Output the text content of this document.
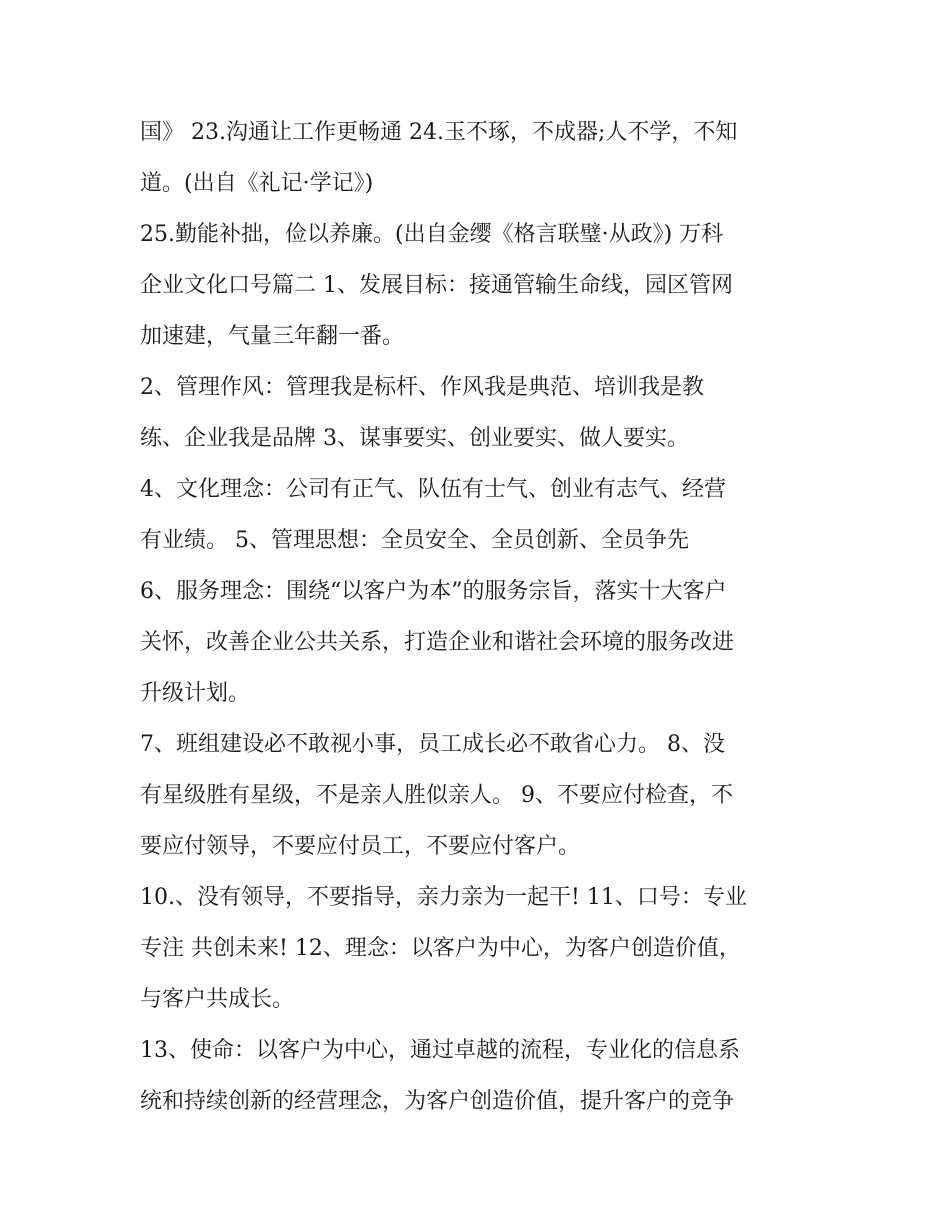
国》 23.沟通让工作更畅通 24.玉不琢，不成器;人不学，不知
道。(出自《礼记·学记》)
25.勤能补拙，俭以养廉。(出自金缨《格言联璧·从政》) 万科
企业文化口号篇二 1、发展目标：接通管输生命线，园区管网
加速建，气量三年翻一番。
2、管理作风：管理我是标杆、作风我是典范、培训我是教
练、企业我是品牌 3、谋事要实、创业要实、做人要实。
4、文化理念：公司有正气、队伍有士气、创业有志气、经营
有业绩。 5、管理思想：全员安全、全员创新、全员争先
6、服务理念：围绕“以客户为本”的服务宗旨，落实十大客户
关怀，改善企业公共关系，打造企业和谐社会环境的服务改进
升级计划。
7、班组建设必不敢视小事，员工成长必不敢省心力。 8、没
有星级胜有星级，不是亲人胜似亲人。 9、不要应付检查，不
要应付领导，不要应付员工，不要应付客户。
10.、没有领导，不要指导，亲力亲为一起干! 11、口号：专业
专注 共创未来! 12、理念：以客户为中心，为客户创造价值，
与客户共成长。
13、使命：以客户为中心，通过卓越的流程，专业化的信息系
统和持续创新的经营理念，为客户创造价值，提升客户的竞争
